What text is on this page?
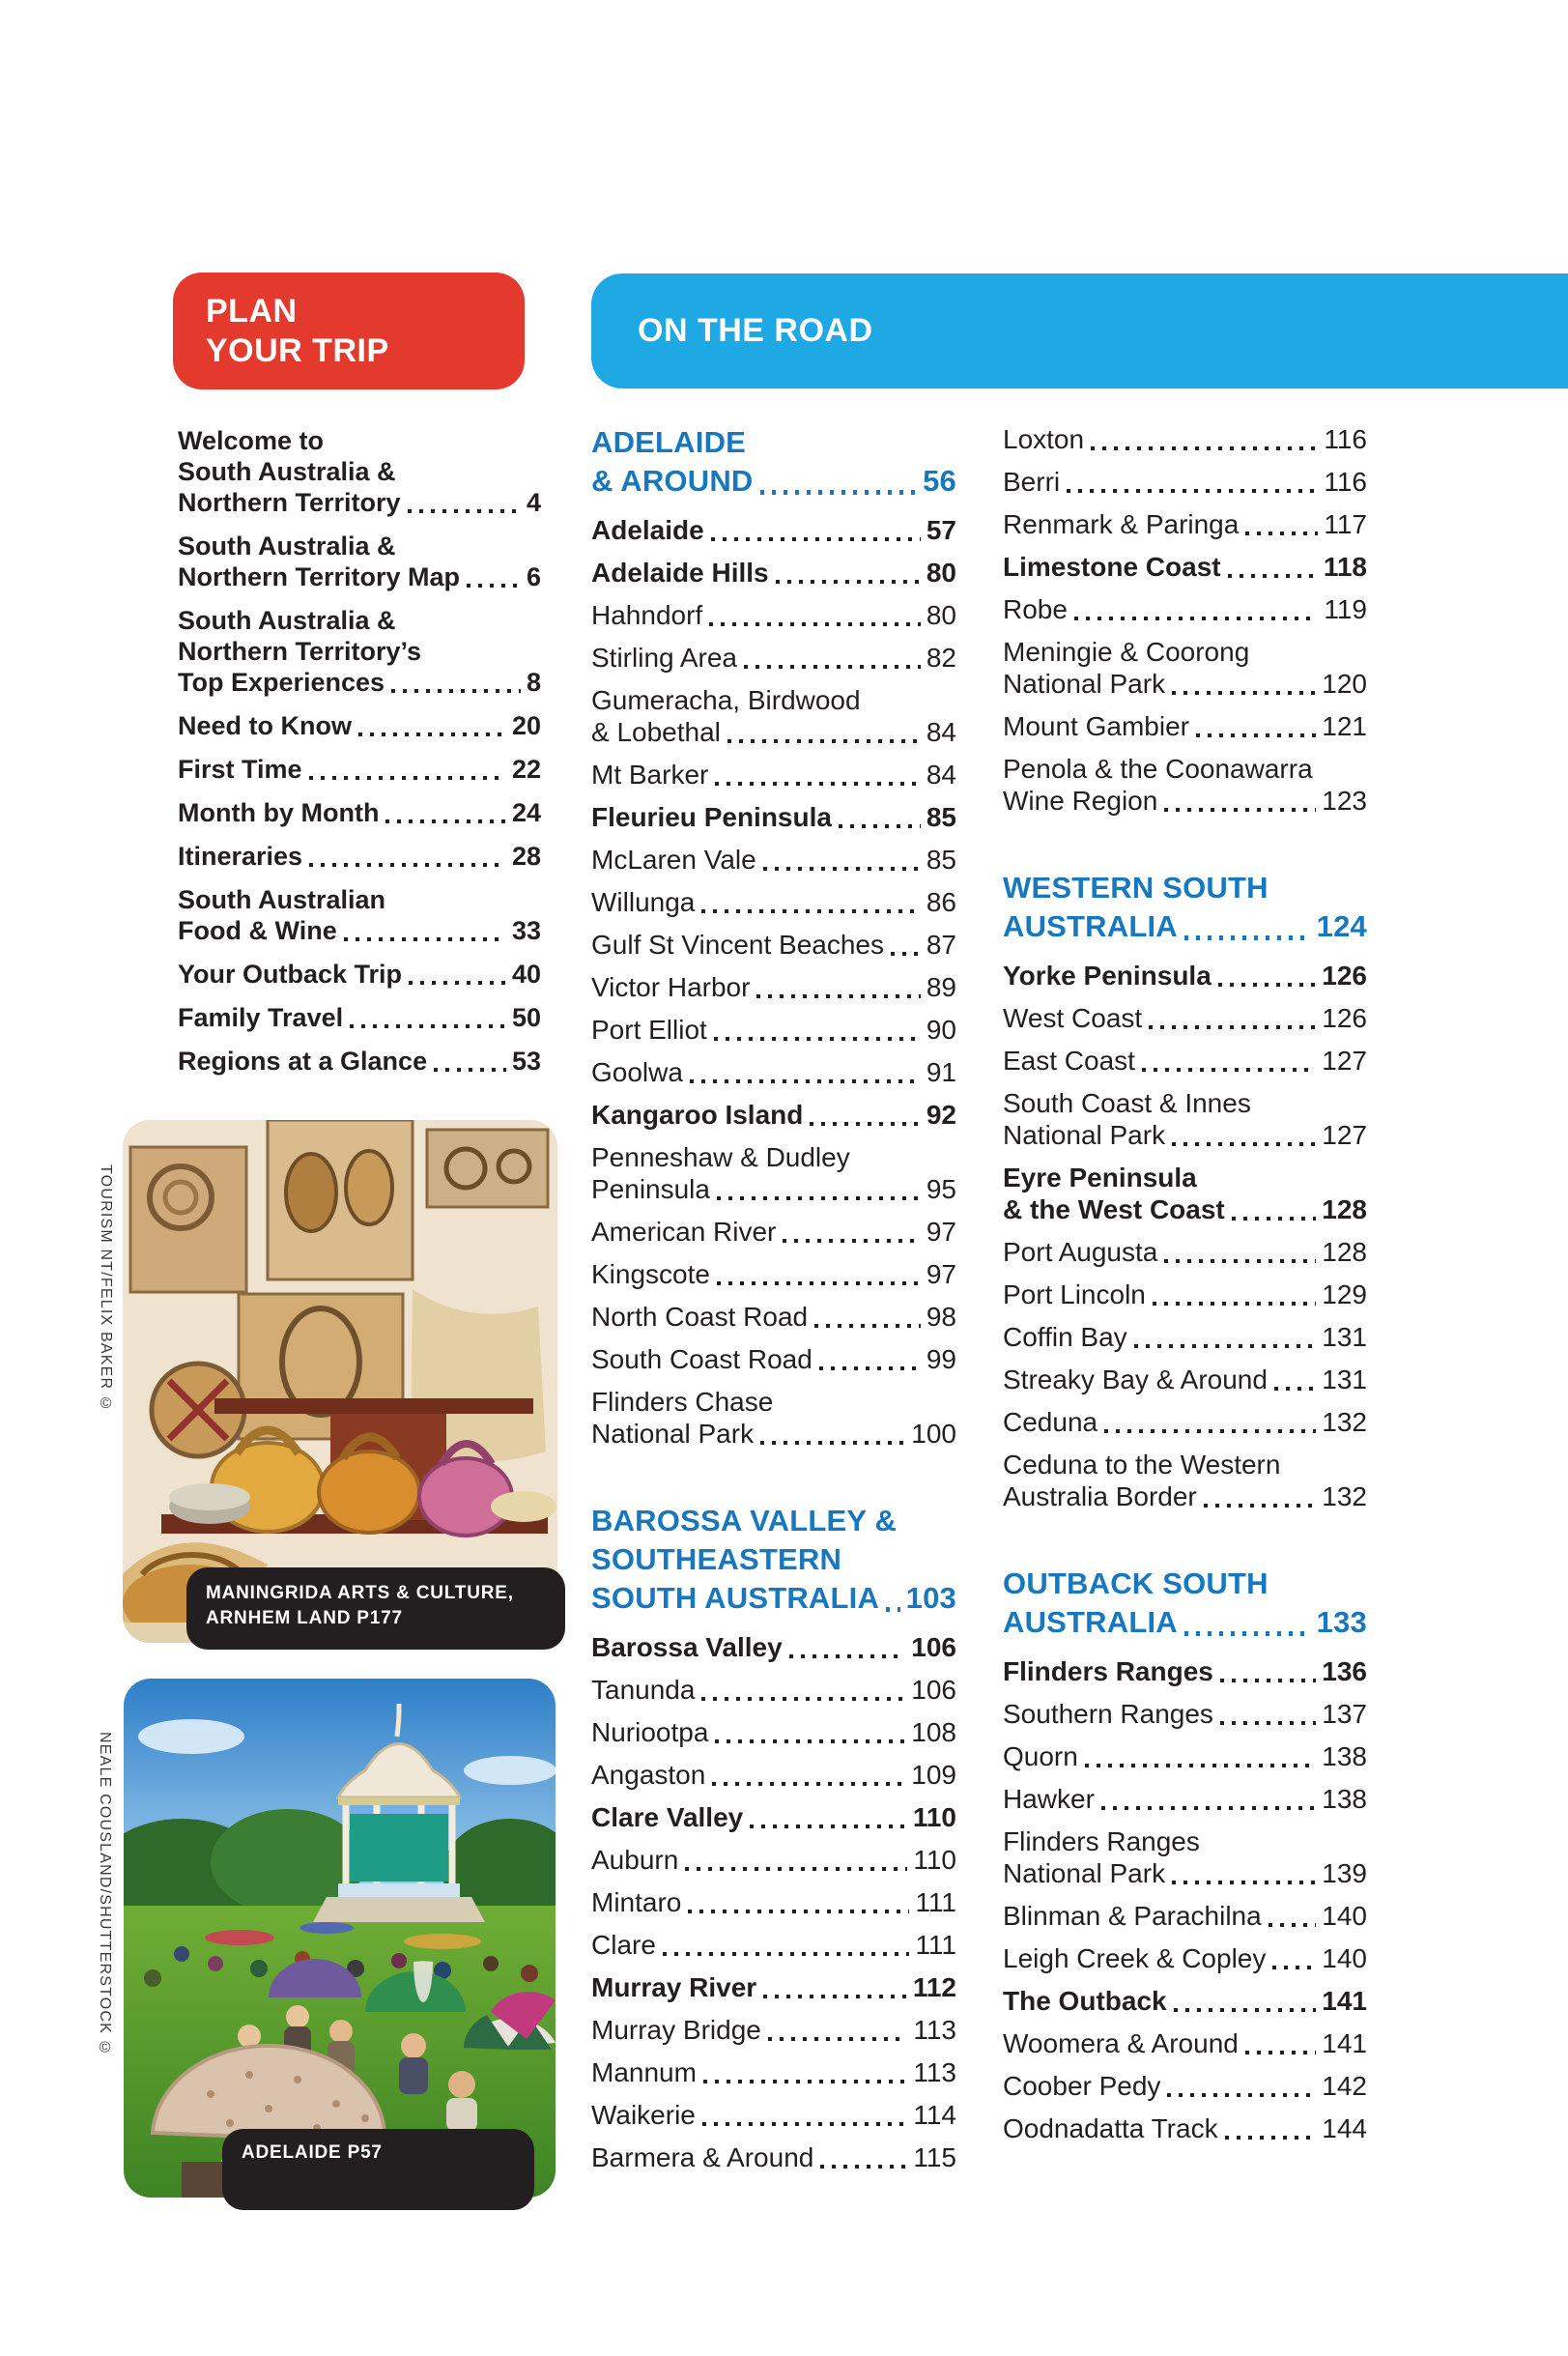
PLAN
YOUR TRIP
ON THE ROAD
Welcome to
South Australia &
Northern Territory	4
South Australia &
Northern Territory Map	6
South Australia &
Northern Territory’s
Top Experiences	8
Need to Know	20
First Time	22
Month by Month	24
Itineraries	28
South Australian
Food & Wine	33
Your Outback Trip	40
Family Travel	50
Regions at a Glance	53
ADELAIDE
& AROUND	56
Adelaide	57
Adelaide Hills	80
Hahndorf	80
Stirling Area	82
Gumeracha, Birdwood
& Lobethal	84
Mt Barker	84
Fleurieu Peninsula	85
McLaren Vale	85
Willunga	86
Gulf St Vincent Beaches 87
Victor Harbor	89
Port Elliot	90
Goolwa	91
Kangaroo Island	92
Penneshaw & Dudley
Peninsula	95
American River	97
Kingscote	97
North Coast Road	98
South Coast Road	99
Flinders Chase
National Park	100
BAROSSA VALLEY &
SOUTHEASTERN
SOUTH AUSTRALIA 103
Barossa Valley	106
Tanunda	106
Nuriootpa	108
Angaston	109
Clare Valley	110
Auburn	110
Mintaro	111
Clare	111
Murray River	112
Murray Bridge	113
Mannum	113
Waikerie	114
Barmera & Around	115
Loxton	116
Berri	116
Renmark & Paringa	117
Limestone Coast	118
Robe	119
Meningie & Coorong
National Park	120
Mount Gambier	121
Penola & the Coonawarra
Wine Region	123
WESTERN SOUTH
AUSTRALIA	124
Yorke Peninsula	126
West Coast	126
East Coast	127
South Coast & Innes
National Park	127
Eyre Peninsula
& the West Coast	128
Port Augusta	128
Port Lincoln	129
Coffin Bay	131
Streaky Bay & Around 131
Ceduna	132
Ceduna to the Western
Australia Border	132
OUTBACK SOUTH
AUSTRALIA	133
Flinders Ranges	136
Southern Ranges	137
Quorn	138
Hawker	138
Flinders Ranges
National Park	139
Blinman & Parachilna 140
Leigh Creek & Copley 140
The Outback	141
Woomera & Around	141
Coober Pedy	142
Oodnadatta Track	144
MANINGRIDA ARTS & CULTURE,
ARNHEM LAND P177
TOURISM NT/FELIX BAKER ©
ADELAIDE P57
NEALE COUSLAND/SHUTTERSTOCK ©
